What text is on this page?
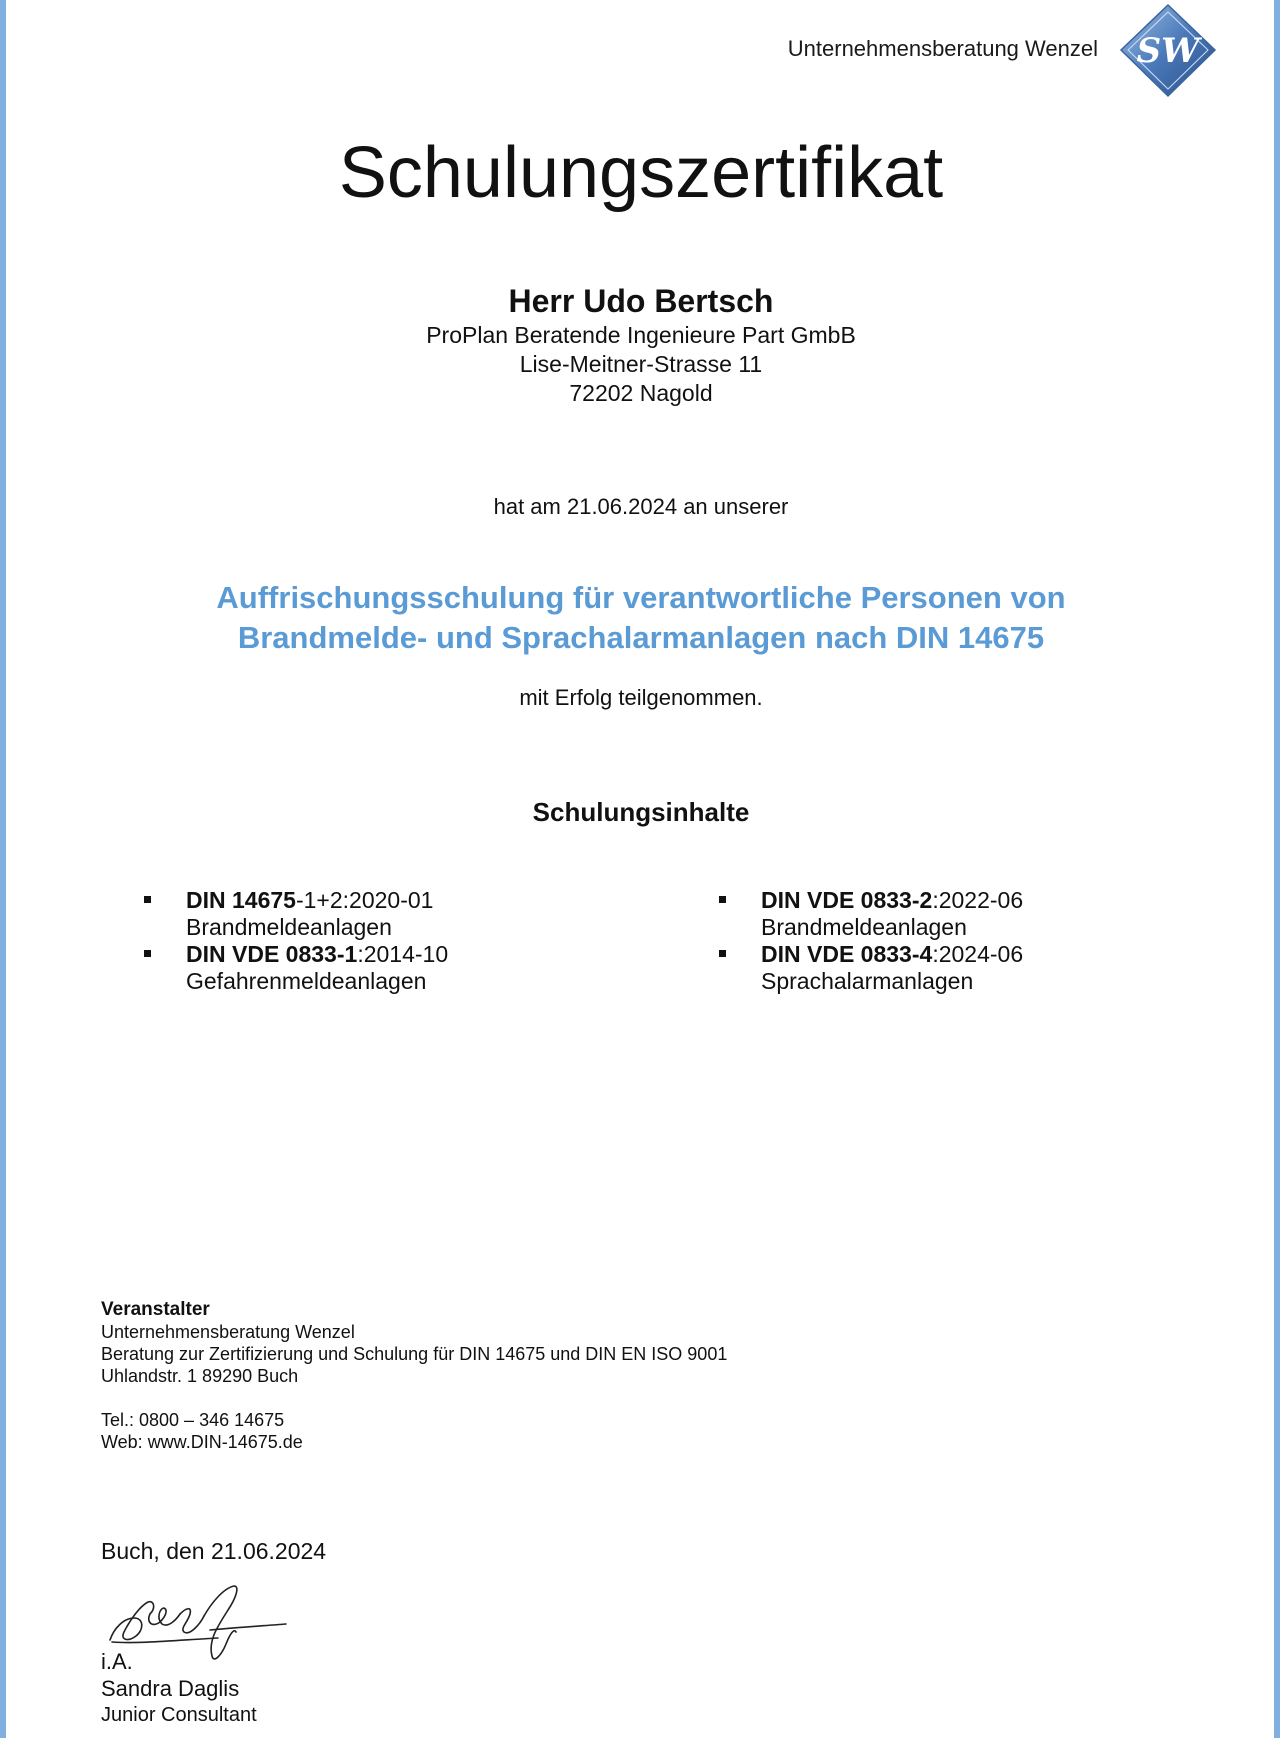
Unternehmensberatung Wenzel SW
Schulungszertifikat
Herr Udo Bertsch
ProPlan Beratende Ingenieure Part GmbB
Lise-Meitner-Strasse 11
72202 Nagold
hat am 21.06.2024 an unserer
Auffrischungsschulung für verantwortliche Personen von
Brandmelde- und Sprachalarmanlagen nach DIN 14675
mit Erfolg teilgenommen.
Schulungsinhalte
DIN 14675-1+2:2020-01
Brandmeldeanlagen
DIN VDE 0833-1:2014-10
Gefahrenmeldeanlagen
DIN VDE 0833-2:2022-06
Brandmeldeanlagen
DIN VDE 0833-4:2024-06
Sprachalarmanlagen
Veranstalter
Unternehmensberatung Wenzel
Beratung zur Zertifizierung und Schulung für DIN 14675 und DIN EN ISO 9001
Uhlandstr. 1 89290 Buch
Tel.: 0800 – 346 14675
Web: www.DIN-14675.de
Buch, den 21.06.2024
i.A.
Sandra Daglis
Junior Consultant
